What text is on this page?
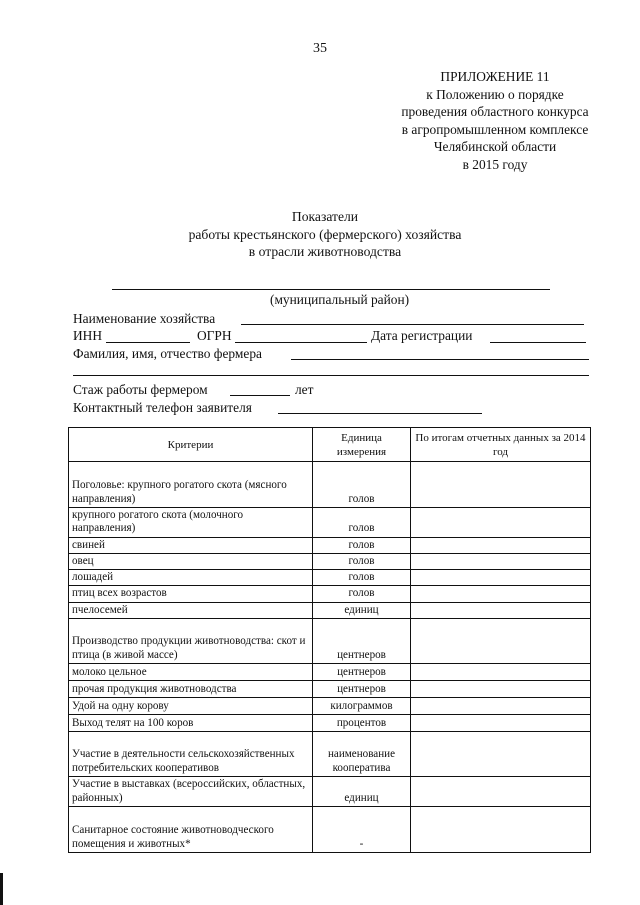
35
ПРИЛОЖЕНИЕ 11
к Положению о порядке
проведения областного конкурса
в агропромышленном комплексе
Челябинской области
в 2015 году
Показатели
работы крестьянского (фермерского) хозяйства
в отрасли животноводства
(муниципальный район)
Наименование хозяйства
ИНН	ОГРН	Дата регистрации
Фамилия, имя, отчество фермера
Стаж работы фермером	лет
Контактный телефон заявителя
Критерии	Единица измерения	По итогам отчетных данных за 2014 год
Поголовье: крупного рогатого скота (мясного направления)	голов	
крупного рогатого скота (молочного направления)	голов	
свиней	голов	
овец	голов	
лошадей	голов	
птиц всех возрастов	голов	
пчелосемей	единиц	
Производство продукции животноводства: скот и птица (в живой массе)	центнеров	
молоко цельное	центнеров	
прочая продукция животноводства	центнеров	
Удой на одну корову	килограммов	
Выход телят на 100 коров	процентов	
Участие в деятельности сельскохозяйственных потребительских кооперативов	наименование кооператива	
Участие в выставках (всероссийских, областных, районных)	единиц	
Санитарное состояние животноводческого помещения и животных*	-	
